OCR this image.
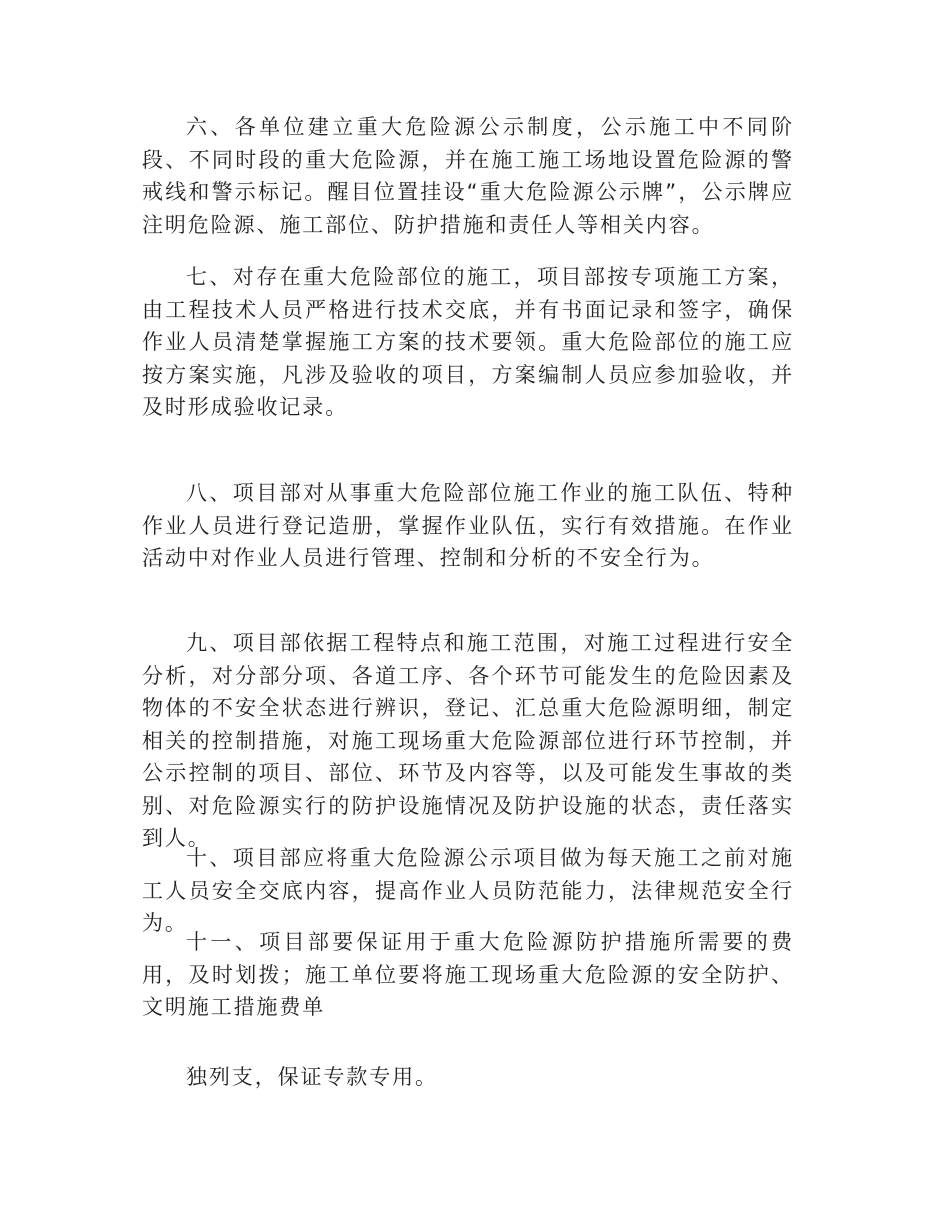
六、各单位建立重大危险源公示制度，公示施工中不同阶段、不同时段的重大危险源，并在施工施工场地设置危险源的警戒线和警示标记。醒目位置挂设“重大危险源公示牌”，公示牌应注明危险源、施工部位、防护措施和责任人等相关内容。

七、对存在重大危险部位的施工，项目部按专项施工方案，由工程技术人员严格进行技术交底，并有书面记录和签字，确保作业人员清楚掌握施工方案的技术要领。重大危险部位的施工应按方案实施，凡涉及验收的项目，方案编制人员应参加验收，并及时形成验收记录。

八、项目部对从事重大危险部位施工作业的施工队伍、特种作业人员进行登记造册，掌握作业队伍，实行有效措施。在作业活动中对作业人员进行管理、控制和分析的不安全行为。

九、项目部依据工程特点和施工范围，对施工过程进行安全分析，对分部分项、各道工序、各个环节可能发生的危险因素及物体的不安全状态进行辨识，登记、汇总重大危险源明细，制定相关的控制措施，对施工现场重大危险源部位进行环节控制，并公示控制的项目、部位、环节及内容等，以及可能发生事故的类别、对危险源实行的防护设施情况及防护设施的状态，责任落实到人。

十、项目部应将重大危险源公示项目做为每天施工之前对施工人员安全交底内容，提高作业人员防范能力，法律规范安全行为。

十一、项目部要保证用于重大危险源防护措施所需要的费用，及时划拨；施工单位要将施工现场重大危险源的安全防护、文明施工措施费单

独列支，保证专款专用。
